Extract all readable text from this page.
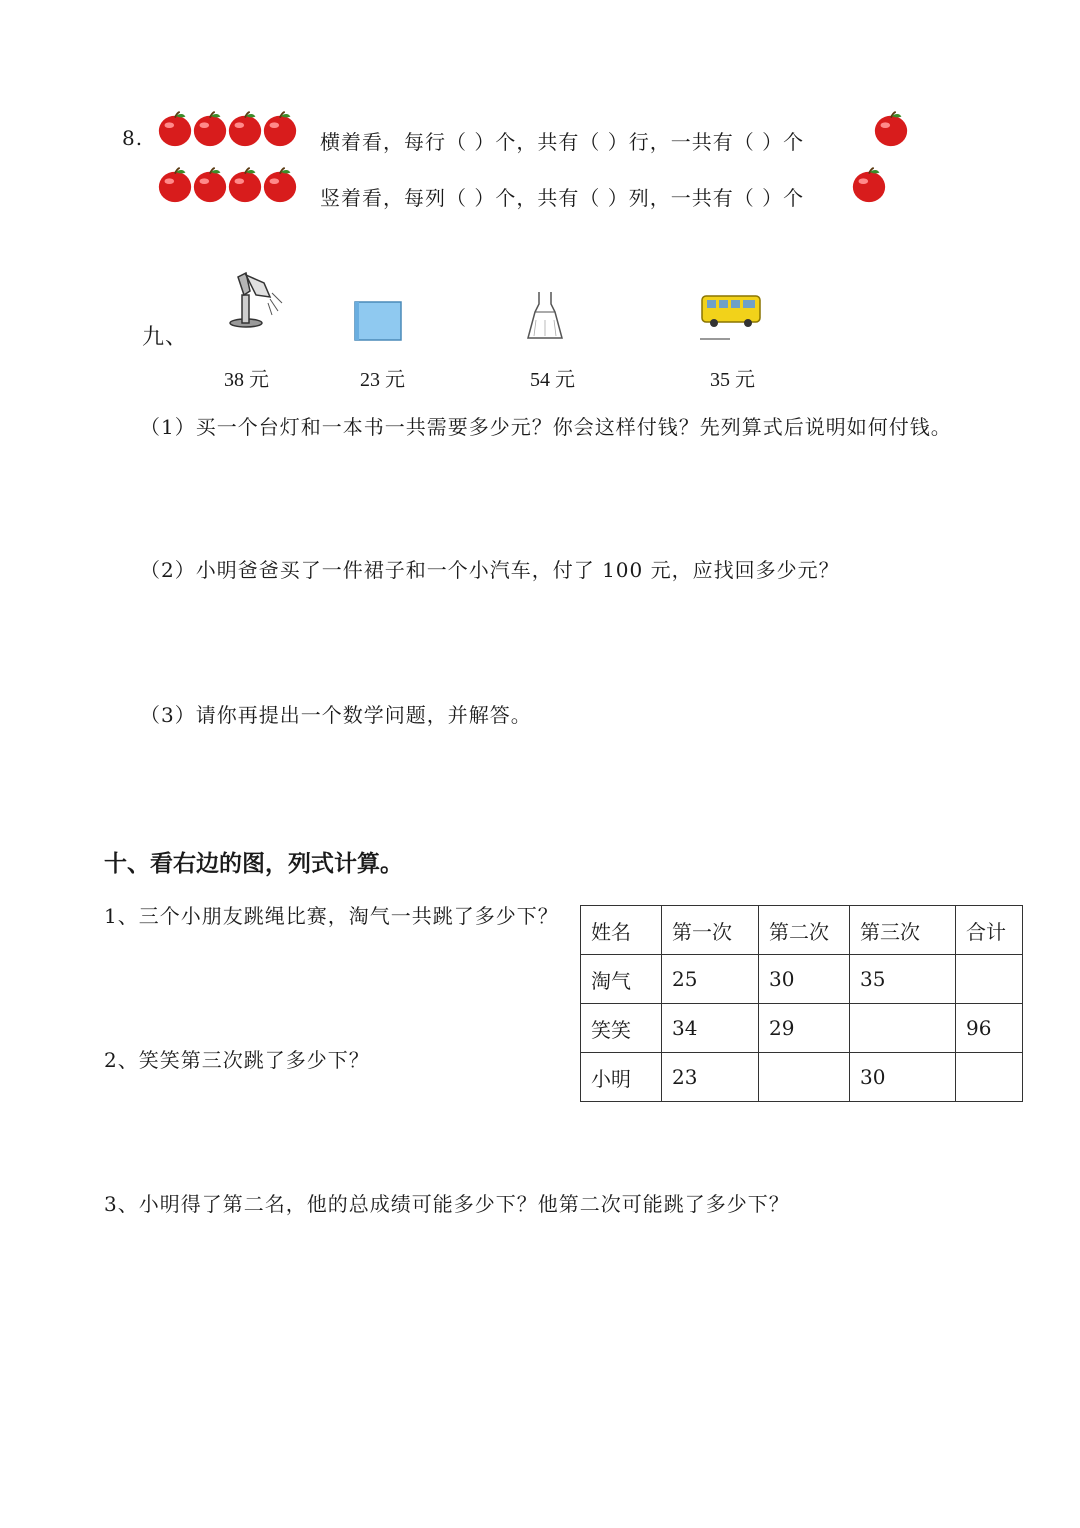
8.	横着看，每行（ ）个，共有（ ）行，一共有（ ）个
竖着看，每列（ ）个，共有（ ）列，一共有（ ）个
九、
38 元	23 元	54 元	35 元
（1）买一个台灯和一本书一共需要多少元？你会这样付钱？先列算式后说明如何付钱。
（2）小明爸爸买了一件裙子和一个小汽车，付了 100 元，应找回多少元？
（3）请你再提出一个数学问题，并解答。
十、看右边的图，列式计算。
1、三个小朋友跳绳比赛，淘气一共跳了多少下？
2、笑笑第三次跳了多少下？
3、小明得了第二名，他的总成绩可能多少下？他第二次可能跳了多少下？
姓名	第一次	第二次	第三次	合计
淘气	25	30	35	
笑笑	34	29		96
小明	23		30	
